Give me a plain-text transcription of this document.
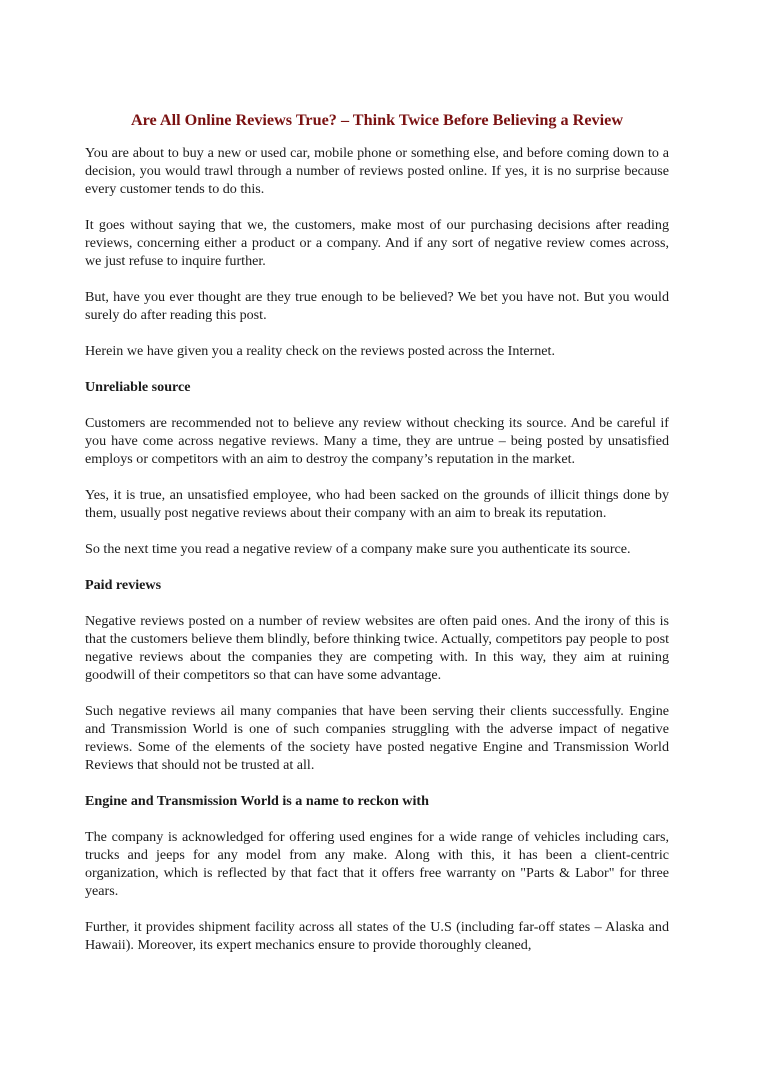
Are All Online Reviews True? – Think Twice Before Believing a Review

You are about to buy a new or used car, mobile phone or something else, and before coming down to a decision, you would trawl through a number of reviews posted online. If yes, it is no surprise because every customer tends to do this.

It goes without saying that we, the customers, make most of our purchasing decisions after reading reviews, concerning either a product or a company. And if any sort of negative review comes across, we just refuse to inquire further.

But, have you ever thought are they true enough to be believed? We bet you have not. But you would surely do after reading this post.

Herein we have given you a reality check on the reviews posted across the Internet.

Unreliable source

Customers are recommended not to believe any review without checking its source. And be careful if you have come across negative reviews. Many a time, they are untrue – being posted by unsatisfied employs or competitors with an aim to destroy the company’s reputation in the market.

Yes, it is true, an unsatisfied employee, who had been sacked on the grounds of illicit things done by them, usually post negative reviews about their company with an aim to break its reputation.

So the next time you read a negative review of a company make sure you authenticate its source.

Paid reviews

Negative reviews posted on a number of review websites are often paid ones. And the irony of this is that the customers believe them blindly, before thinking twice. Actually, competitors pay people to post negative reviews about the companies they are competing with. In this way, they aim at ruining goodwill of their competitors so that can have some advantage.

Such negative reviews ail many companies that have been serving their clients successfully. Engine and Transmission World is one of such companies struggling with the adverse impact of negative reviews. Some of the elements of the society have posted negative Engine and Transmission World Reviews that should not be trusted at all.

Engine and Transmission World is a name to reckon with

The company is acknowledged for offering used engines for a wide range of vehicles including cars, trucks and jeeps for any model from any make. Along with this, it has been a client-centric organization, which is reflected by that fact that it offers free warranty on "Parts & Labor" for three years.

Further, it provides shipment facility across all states of the U.S (including far-off states – Alaska and Hawaii). Moreover, its expert mechanics ensure to provide thoroughly cleaned,
